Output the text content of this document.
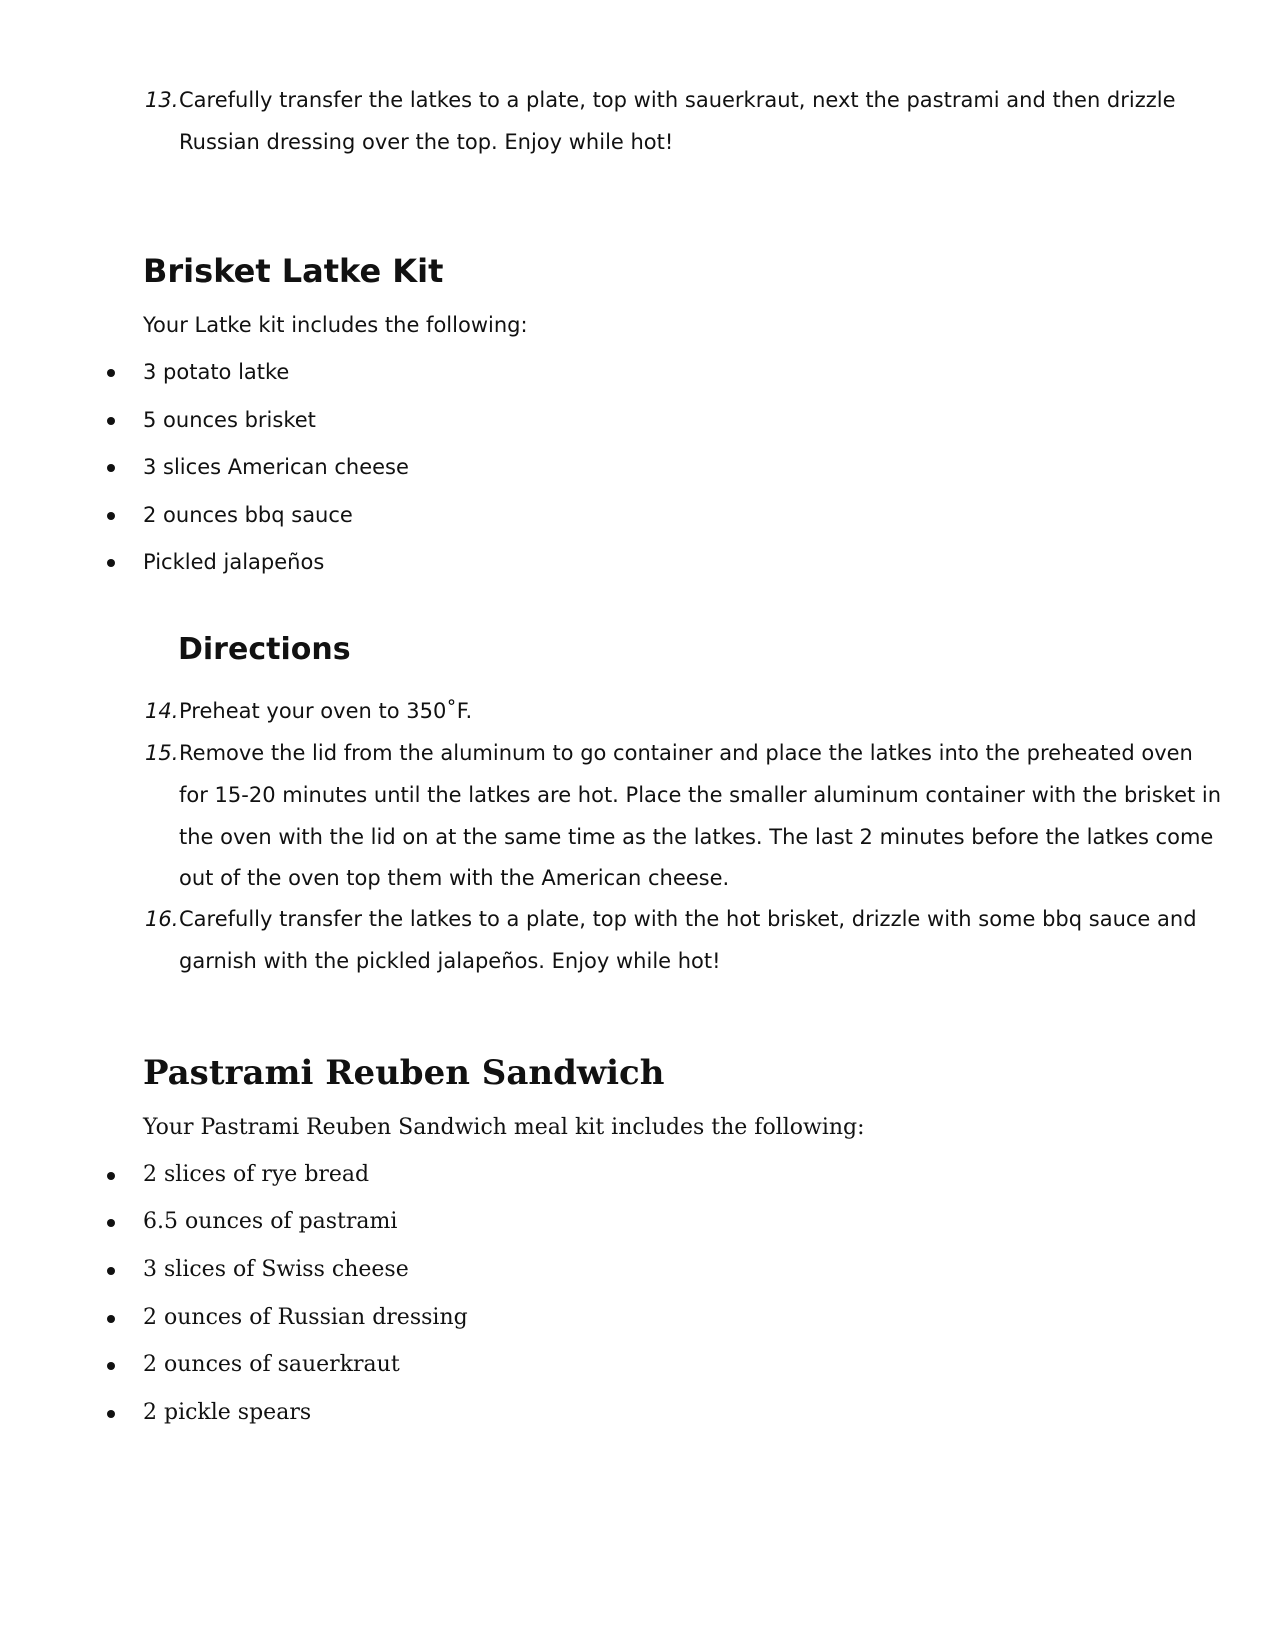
13. Carefully transfer the latkes to a plate, top with sauerkraut, next the pastrami and then drizzle
Russian dressing over the top. Enjoy while hot!
Brisket Latke Kit
Your Latke kit includes the following:
3 potato latke
5 ounces brisket
3 slices American cheese
2 ounces bbq sauce
Pickled jalapeños
Directions
14. Preheat your oven to 350˚F.
15. Remove the lid from the aluminum to go container and place the latkes into the preheated oven
for 15-20 minutes until the latkes are hot. Place the smaller aluminum container with the brisket in
the oven with the lid on at the same time as the latkes. The last 2 minutes before the latkes come
out of the oven top them with the American cheese.
16. Carefully transfer the latkes to a plate, top with the hot brisket, drizzle with some bbq sauce and
garnish with the pickled jalapeños. Enjoy while hot!
Pastrami Reuben Sandwich
Your Pastrami Reuben Sandwich meal kit includes the following:
2 slices of rye bread
6.5 ounces of pastrami
3 slices of Swiss cheese
2 ounces of Russian dressing
2 ounces of sauerkraut
2 pickle spears
